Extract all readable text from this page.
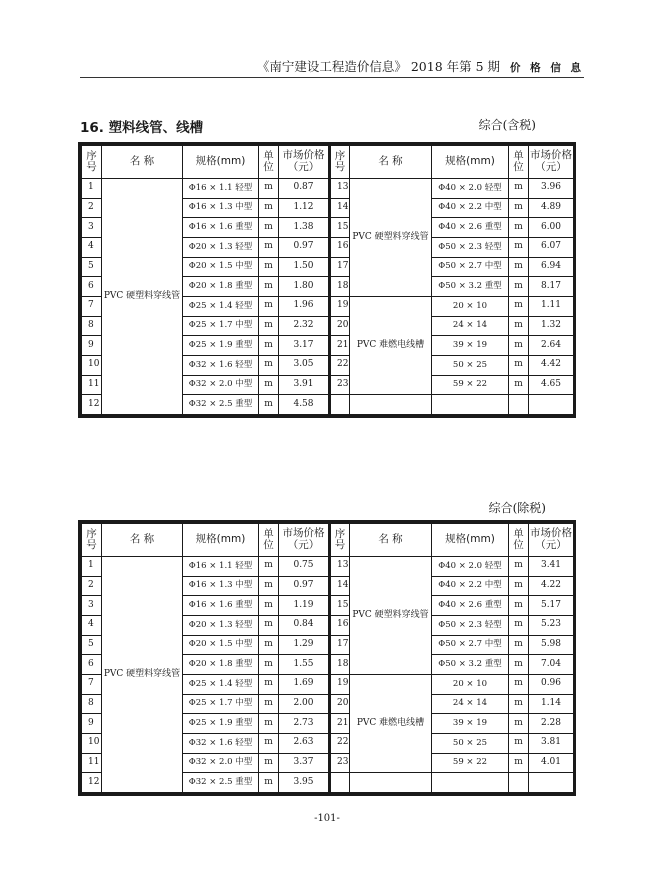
《南宁建设工程造价信息》 2018 年第 5 期 价 格 信 息
16. 塑料线管、线槽	综合(含税)
序号	名 称	规格(mm)	单位	市场价格（元）	序号	名 称	规格(mm)	单位	市场价格（元）
1	PVC 硬塑料穿线管	Φ16 × 1.1 轻型	m	0.87	13	PVC 硬塑料穿线管	Φ40 × 2.0 轻型	m	3.96
2		Φ16 × 1.3 中型	m	1.12	14		Φ40 × 2.2 中型	m	4.89
3		Φ16 × 1.6 重型	m	1.38	15		Φ40 × 2.6 重型	m	6.00
4		Φ20 × 1.3 轻型	m	0.97	16		Φ50 × 2.3 轻型	m	6.07
5		Φ20 × 1.5 中型	m	1.50	17		Φ50 × 2.7 中型	m	6.94
6		Φ20 × 1.8 重型	m	1.80	18		Φ50 × 3.2 重型	m	8.17
7		Φ25 × 1.4 轻型	m	1.96	19	PVC 难燃电线槽	20 × 10	m	1.11
8		Φ25 × 1.7 中型	m	2.32	20		24 × 14	m	1.32
9		Φ25 × 1.9 重型	m	3.17	21		39 × 19	m	2.64
10		Φ32 × 1.6 轻型	m	3.05	22		50 × 25	m	4.42
11		Φ32 × 2.0 中型	m	3.91	23		59 × 22	m	4.65
12		Φ32 × 2.5 重型	m	4.58					
综合(除税)
序号	名 称	规格(mm)	单位	市场价格（元）	序号	名 称	规格(mm)	单位	市场价格（元）
1	PVC 硬塑料穿线管	Φ16 × 1.1 轻型	m	0.75	13	PVC 硬塑料穿线管	Φ40 × 2.0 轻型	m	3.41
2		Φ16 × 1.3 中型	m	0.97	14		Φ40 × 2.2 中型	m	4.22
3		Φ16 × 1.6 重型	m	1.19	15		Φ40 × 2.6 重型	m	5.17
4		Φ20 × 1.3 轻型	m	0.84	16		Φ50 × 2.3 轻型	m	5.23
5		Φ20 × 1.5 中型	m	1.29	17		Φ50 × 2.7 中型	m	5.98
6		Φ20 × 1.8 重型	m	1.55	18		Φ50 × 3.2 重型	m	7.04
7		Φ25 × 1.4 轻型	m	1.69	19	PVC 难燃电线槽	20 × 10	m	0.96
8		Φ25 × 1.7 中型	m	2.00	20		24 × 14	m	1.14
9		Φ25 × 1.9 重型	m	2.73	21		39 × 19	m	2.28
10		Φ32 × 1.6 轻型	m	2.63	22		50 × 25	m	3.81
11		Φ32 × 2.0 中型	m	3.37	23		59 × 22	m	4.01
12		Φ32 × 2.5 重型	m	3.95					
-101-
